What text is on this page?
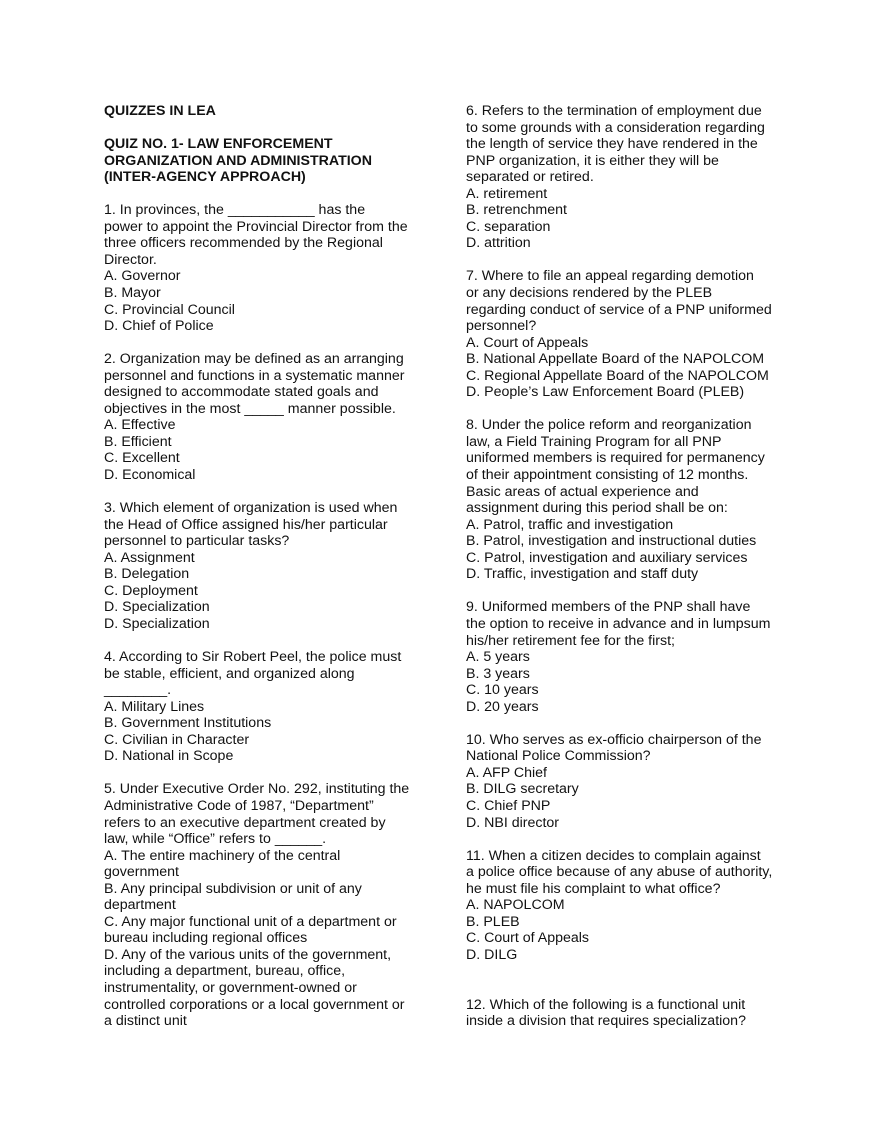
QUIZZES IN LEA

QUIZ NO. 1- LAW ENFORCEMENT

ORGANIZATION AND ADMINISTRATION

(INTER-AGENCY APPROACH)

1. In provinces, the ___________ has the

power to appoint the Provincial Director from the

three officers recommended by the Regional

Director.

A. Governor

B. Mayor

C. Provincial Council

D. Chief of Police

2. Organization may be defined as an arranging

personnel and functions in a systematic manner

designed to accommodate stated goals and

objectives in the most _____ manner possible.

A. Effective

B. Efficient

C. Excellent

D. Economical

3. Which element of organization is used when

the Head of Office assigned his/her particular

personnel to particular tasks?

A. Assignment

B. Delegation

C. Deployment

D. Specialization

D. Specialization

4. According to Sir Robert Peel, the police must

be stable, efficient, and organized along

________.

A. Military Lines

B. Government Institutions

C. Civilian in Character

D. National in Scope

5. Under Executive Order No. 292, instituting the

Administrative Code of 1987, “Department”

refers to an executive department created by

law, while “Office” refers to ______.

A. The entire machinery of the central

government

B. Any principal subdivision or unit of any

department

C. Any major functional unit of a department or

bureau including regional offices

D. Any of the various units of the government,

including a department, bureau, office,

instrumentality, or government-owned or

controlled corporations or a local government or

a distinct unit

6. Refers to the termination of employment due

to some grounds with a consideration regarding

the length of service they have rendered in the

PNP organization, it is either they will be

separated or retired.

A. retirement

B. retrenchment

C. separation

D. attrition

7. Where to file an appeal regarding demotion

or any decisions rendered by the PLEB

regarding conduct of service of a PNP uniformed

personnel?

A. Court of Appeals

B. National Appellate Board of the NAPOLCOM

C. Regional Appellate Board of the NAPOLCOM

D. People’s Law Enforcement Board (PLEB)

8. Under the police reform and reorganization

law, a Field Training Program for all PNP

uniformed members is required for permanency

of their appointment consisting of 12 months.

Basic areas of actual experience and

assignment during this period shall be on:

A. Patrol, traffic and investigation

B. Patrol, investigation and instructional duties

C. Patrol, investigation and auxiliary services

D. Traffic, investigation and staff duty

9. Uniformed members of the PNP shall have

the option to receive in advance and in lumpsum

his/her retirement fee for the first;

A. 5 years

B. 3 years

C. 10 years

D. 20 years

10. Who serves as ex-officio chairperson of the

National Police Commission?

A. AFP Chief

B. DILG secretary

C. Chief PNP

D. NBI director

11. When a citizen decides to complain against

a police office because of any abuse of authority,

he must file his complaint to what office?

A. NAPOLCOM

B. PLEB

C. Court of Appeals

D. DILG

12. Which of the following is a functional unit

inside a division that requires specialization?
